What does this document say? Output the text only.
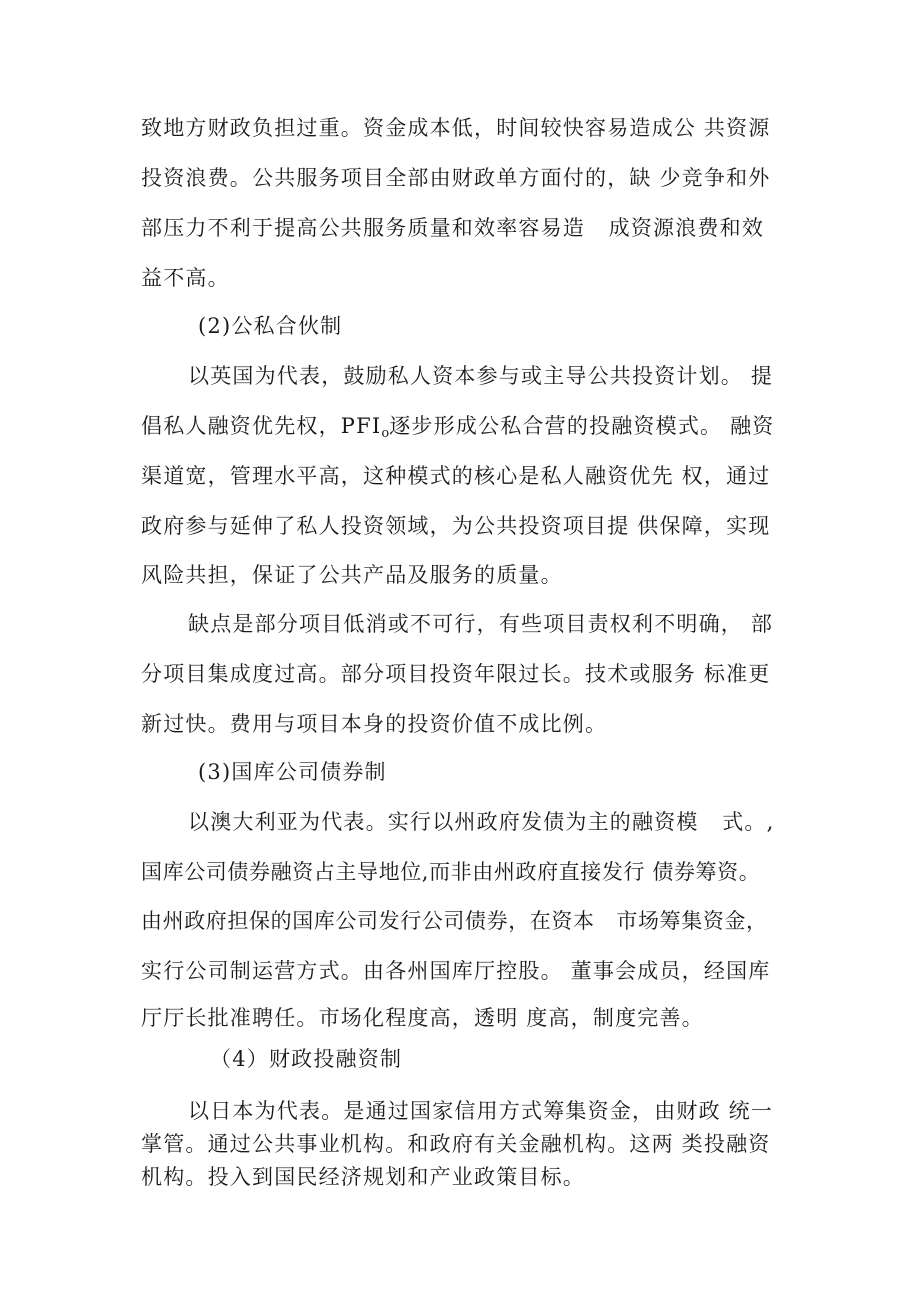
致地方财政负担过重。资金成本低，时间较快容易造成公 共资源
投资浪费。公共服务项目全部由财政单方面付的，缺 少竞争和外
部压力不利于提高公共服务质量和效率容易造   成资源浪费和效
益不高。
(2)公私合伙制
以英国为代表，鼓励私人资本参与或主导公共投资计划。 提
倡私人融资优先权，$PFI_o$逐步形成公私合营的投融资模式。 融资
渠道宽，管理水平高，这种模式的核心是私人融资优先 权，通过
政府参与延伸了私人投资领域，为公共投资项目提 供保障，实现
风险共担，保证了公共产品及服务的质量。
缺点是部分项目低消或不可行，有些项目责权利不明确， 部
分项目集成度过高。部分项目投资年限过长。技术或服务 标准更
新过快。费用与项目本身的投资价值不成比例。
(3)国库公司债券制
以澳大利亚为代表。实行以州政府发债为主的融资模   式。,
国库公司债券融资占主导地位,而非由州政府直接发行 债券筹资。
由州政府担保的国库公司发行公司债券，在资本   市场筹集资金，
实行公司制运营方式。由各州国库厅控股。 董事会成员，经国库
厅厅长批准聘任。市场化程度高，透明 度高，制度完善。
（4）财政投融资制
以日本为代表。是通过国家信用方式筹集资金，由财政 统一
掌管。通过公共事业机构。和政府有关金融机构。这两 类投融资
机构。投入到国民经济规划和产业政策目标。
